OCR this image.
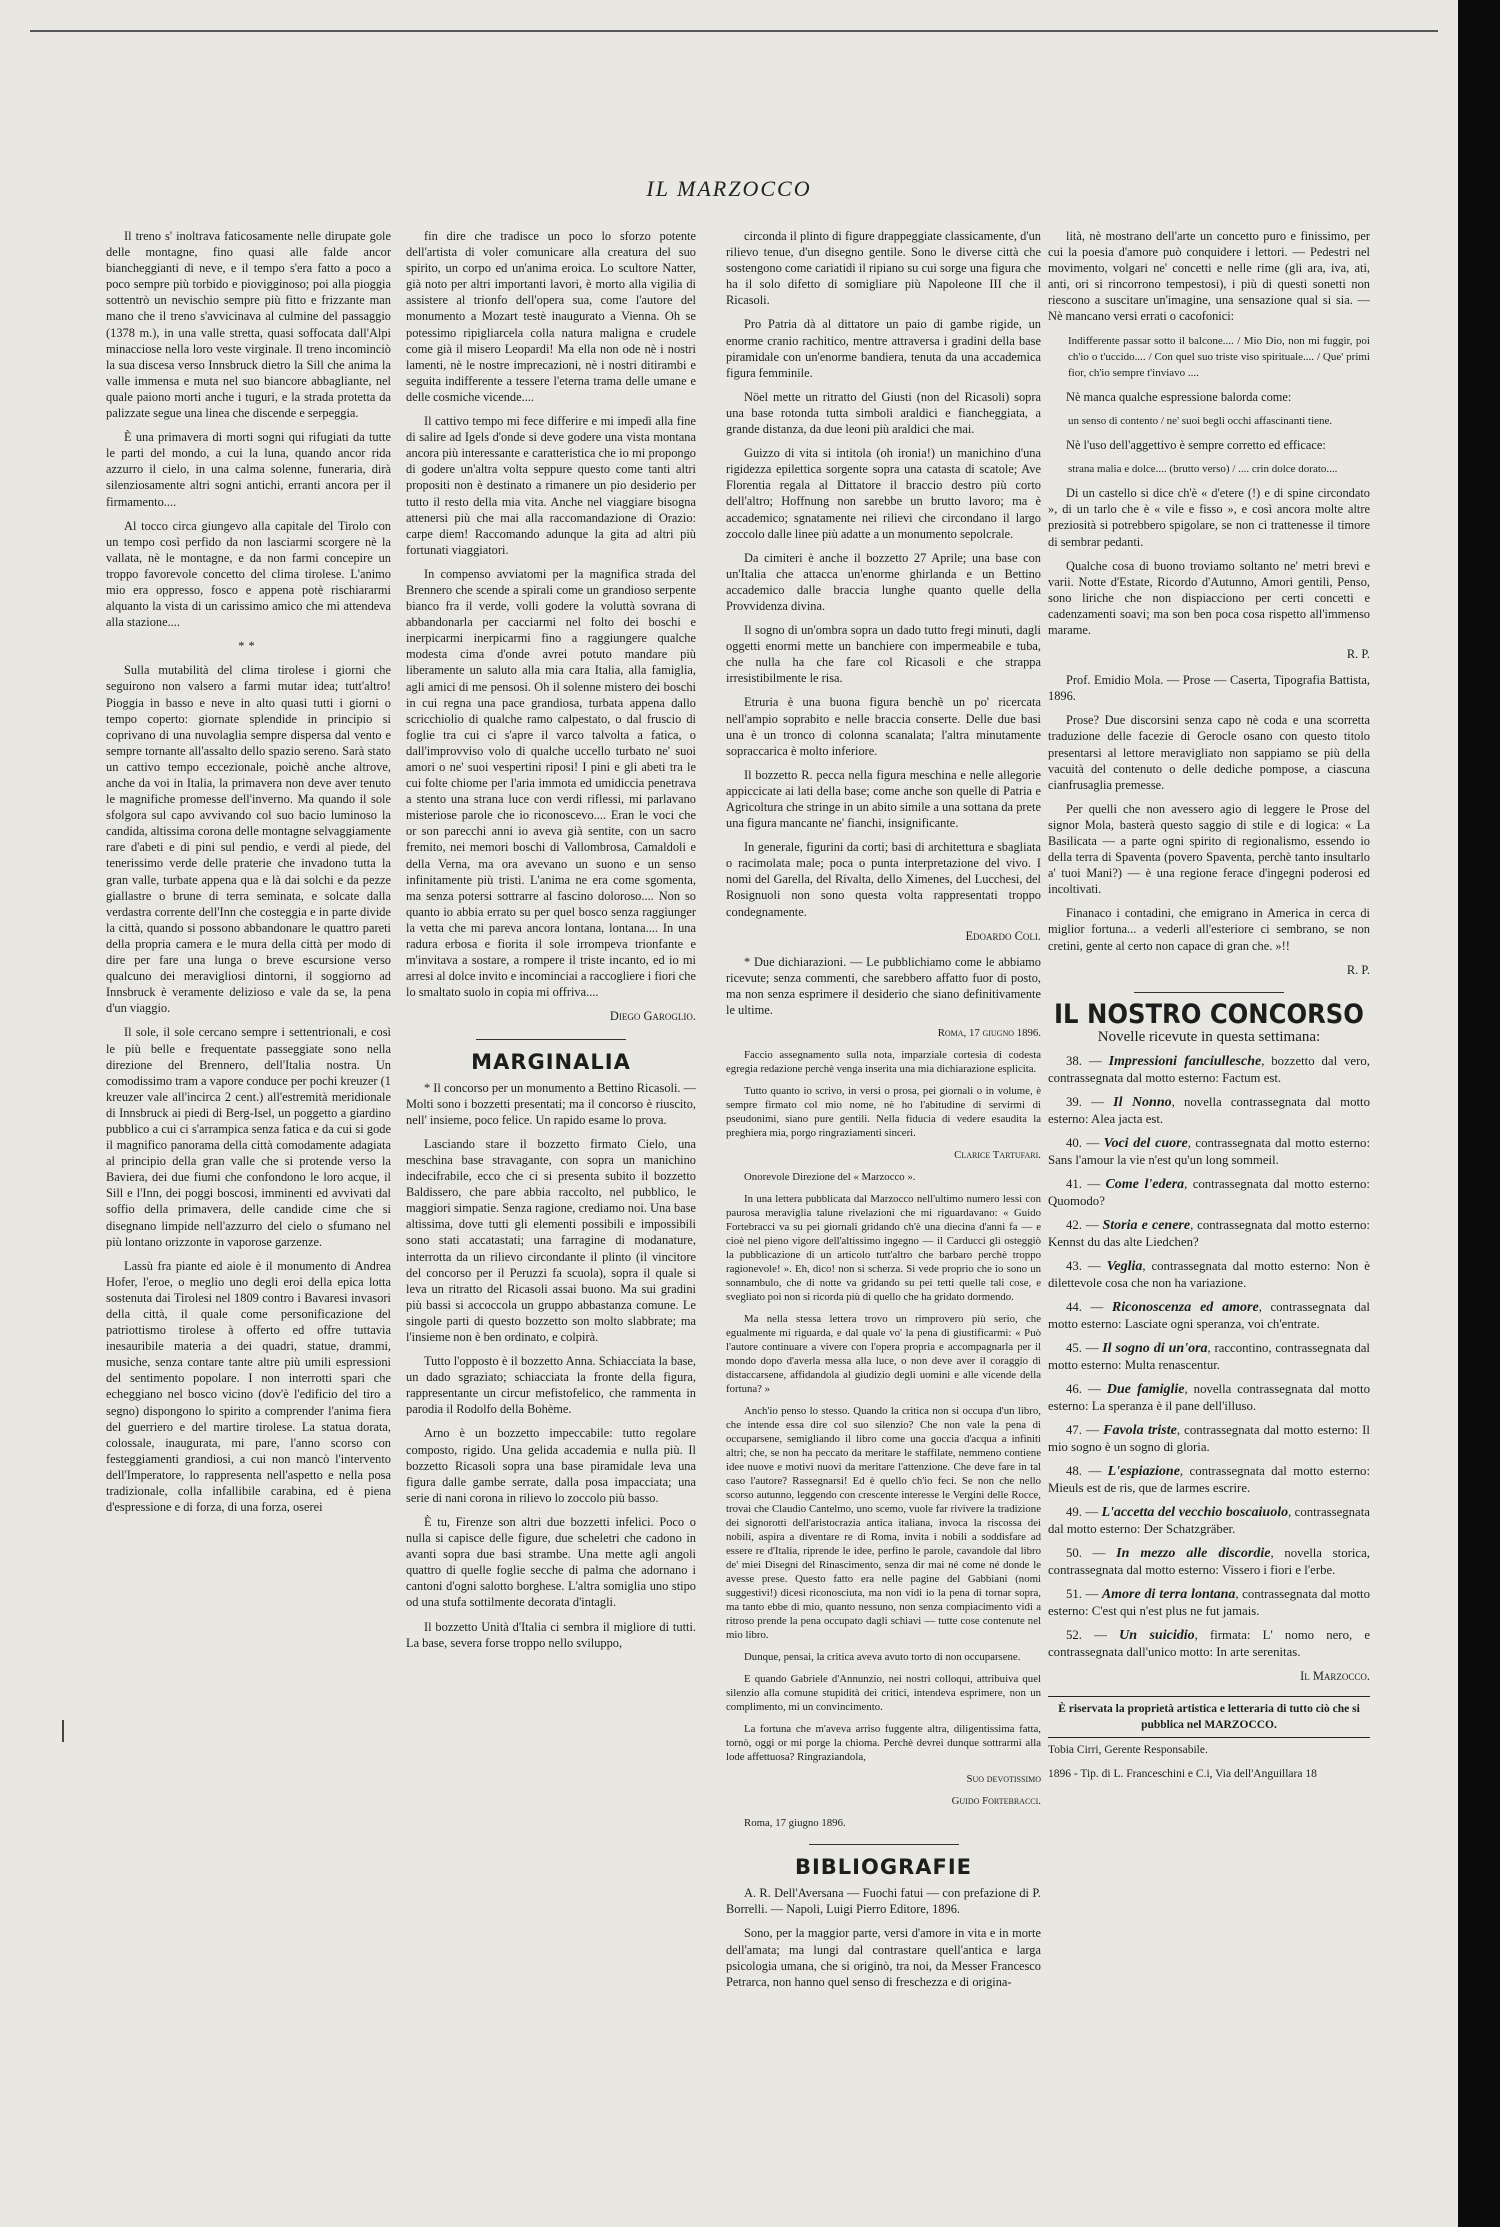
IL MARZOCCO

Il treno s' inoltrava faticosamente nelle dirupate gole delle montagne, fino quasi alle falde ancor biancheggianti di neve, e il tempo s'era fatto a poco a poco sempre più torbido e piovigginoso; poi alla pioggia sottentrò un nevischio sempre più fitto e frizzante man mano che il treno s'avvicinava al culmine del passaggio (1378 m.), in una valle stretta, quasi soffocata dall'Alpi minacciose nella loro veste virginale. Il treno incominciò la sua discesa verso Innsbruck dietro la Sill che anima la valle immensa e muta nel suo biancore abbagliante, nel quale paiono morti anche i tuguri, e la strada protetta da palizzate segue una linea che discende e serpeggia.

È una primavera di morti sogni qui rifugiati da tutte le parti del mondo, a cui la luna, quando ancor rida azzurro il cielo, in una calma solenne, funeraria, dirà silenziosamente altri sogni antichi, erranti ancora per il firmamento....

Al tocco circa giungevo alla capitale del Tirolo con un tempo così perfido da non lasciarmi scorgere nè la vallata, nè le montagne, e da non farmi concepire un troppo favorevole concetto del clima tirolese. L'animo mio era oppresso, fosco e appena potè rischiararmi alquanto la vista di un carissimo amico che mi attendeva alla stazione....

**

Sulla mutabilità del clima tirolese i giorni che seguirono non valsero a farmi mutar idea; tutt'altro! Pioggia in basso e neve in alto quasi tutti i giorni o tempo coperto: giornate splendide in principio si coprivano di una nuvolaglia sempre dispersa dal vento e sempre tornante all'assalto dello spazio sereno. Sarà stato un cattivo tempo eccezionale, poichè anche altrove, anche da voi in Italia, la primavera non deve aver tenuto le magnifiche promesse dell'inverno. Ma quando il sole sfolgora sul capo avvivando col suo bacio luminoso la candida, altissima corona delle montagne selvaggiamente rare d'abeti e di pini sul pendio, e verdi al piede, del tenerissimo verde delle praterie che invadono tutta la gran valle, turbate appena qua e là dai solchi e da pezze giallastre o brune di terra seminata, e solcate dalla verdastra corrente dell'Inn che costeggia e in parte divide la città, quando si possono abbandonare le quattro pareti della propria camera e le mura della città per modo di dire per fare una lunga o breve escursione verso qualcuno dei meravigliosi dintorni, il soggiorno ad Innsbruck è veramente delizioso e vale da se, la pena d'un viaggio.

Il sole, il sole cercano sempre i settentrionali, e così le più belle e frequentate passeggiate sono nella direzione del Brennero, dell'Italia nostra. Un comodissimo tram a vapore conduce per pochi kreuzer (1 kreuzer vale all'incirca 2 cent.) all'estremità meridionale di Innsbruck ai piedi di Berg-Isel, un poggetto a giardino pubblico a cui ci s'arrampica senza fatica e da cui si gode il magnifico panorama della città comodamente adagiata al principio della gran valle che si protende verso la Baviera, dei due fiumi che confondono le loro acque, il Sill e l'Inn, dei poggi boscosi, imminenti ed avvivati dal soffio della primavera, delle candide cime che si disegnano limpide nell'azzurro del cielo o sfumano nel più lontano orizzonte in vaporose garzenze.

Lassù fra piante ed aiole è il monumento di Andrea Hofer, l'eroe, o meglio uno degli eroi della epica lotta sostenuta dai Tirolesi nel 1809 contro i Bavaresi invasori della città, il quale come personificazione del patriottismo tirolese à offerto ed offre tuttavia inesauribile materia a dei quadri, statue, drammi, musiche, senza contare tante altre più umili espressioni del sentimento popolare. I non interrotti spari che echeggiano nel bosco vicino (dov'è l'edificio del tiro a segno) dispongono lo spirito a comprender l'anima fiera del guerriero e del martire tirolese. La statua dorata, colossale, inaugurata, mi pare, l'anno scorso con festeggiamenti grandiosi, a cui non mancò l'intervento dell'Imperatore, lo rappresenta nell'aspetto e nella posa tradizionale, colla infallibile carabina, ed è piena d'espressione e di forza, di una forza, oserei

fin dire che tradisce un poco lo sforzo potente dell'artista di voler comunicare alla creatura del suo spirito, un corpo ed un'anima eroica. Lo scultore Natter, già noto per altri importanti lavori, è morto alla vigilia di assistere al trionfo dell'opera sua, come l'autore del monumento a Mozart testè inaugurato a Vienna. Oh se potessimo ripigliarcela colla natura maligna e crudele come già il misero Leopardi! Ma ella non ode nè i nostri lamenti, nè le nostre imprecazioni, nè i nostri ditirambi e seguita indifferente a tessere l'eterna trama delle umane e delle cosmiche vicende....

Il cattivo tempo mi fece differire e mi impedì alla fine di salire ad Igels d'onde si deve godere una vista montana ancora più interessante e caratteristica che io mi propongo di godere un'altra volta seppure questo come tanti altri propositi non è destinato a rimanere un pio desiderio per tutto il resto della mia vita. Anche nel viaggiare bisogna attenersi più che mai alla raccomandazione di Orazio: carpe diem! Raccomando adunque la gita ad altri più fortunati viaggiatori.

In compenso avviatomi per la magnifica strada del Brennero che scende a spirali come un grandioso serpente bianco fra il verde, volli godere la voluttà sovrana di abbandonarla per cacciarmi nel folto dei boschi e inerpicarmi inerpicarmi fino a raggiungere qualche modesta cima d'onde avrei potuto mandare più liberamente un saluto alla mia cara Italia, alla famiglia, agli amici di me pensosi. Oh il solenne mistero dei boschi in cui regna una pace grandiosa, turbata appena dallo scricchiolio di qualche ramo calpestato, o dal fruscio di foglie tra cui ci s'apre il varco talvolta a fatica, o dall'improvviso volo di qualche uccello turbato ne' suoi amori o ne' suoi vespertini riposi! I pini e gli abeti tra le cui folte chiome per l'aria immota ed umidiccia penetrava a stento una strana luce con verdi riflessi, mi parlavano misteriose parole che io riconoscevo.... Eran le voci che or son parecchi anni io aveva già sentite, con un sacro fremito, nei memori boschi di Vallombrosa, Camaldoli e della Verna, ma ora avevano un suono e un senso infinitamente più tristi. L'anima ne era come sgomenta, ma senza potersi sottrarre al fascino doloroso.... Non so quanto io abbia errato su per quel bosco senza raggiunger la vetta che mi pareva ancora lontana, lontana.... In una radura erbosa e fiorita il sole irrompeva trionfante e m'invitava a sostare, a rompere il triste incanto, ed io mi arresi al dolce invito e incominciai a raccogliere i fiori che lo smaltato suolo in copia mi offriva....

Diego Garoglio.
MARGINALIA

* Il concorso per un monumento a Bettino Ricasoli. — Molti sono i bozzetti presentati; ma il concorso è riuscito, nell' insieme, poco felice. Un rapido esame lo prova.

Lasciando stare il bozzetto firmato Cielo, una meschina base stravagante, con sopra un manichino indecifrabile, ecco che ci si presenta subito il bozzetto Baldissero, che pare abbia raccolto, nel pubblico, le maggiori simpatie. Senza ragione, crediamo noi. Una base altissima, dove tutti gli elementi possibili e impossibili sono stati accatastati; una farragine di modanature, interrotta da un rilievo circondante il plinto (il vincitore del concorso per il Peruzzi fa scuola), sopra il quale si leva un ritratto del Ricasoli assai buono. Ma sui gradini più bassi si accoccola un gruppo abbastanza comune. Le singole parti di questo bozzetto son molto slabbrate; ma l'insieme non è ben ordinato, e colpirà.

Tutto l'opposto è il bozzetto Anna. Schiacciata la base, un dado sgraziato; schiacciata la fronte della figura, rappresentante un circur mefistofelico, che rammenta in parodia il Rodolfo della Bohème.

Arno è un bozzetto impeccabile: tutto regolare composto, rigido. Una gelida accademia e nulla più. Il bozzetto Ricasoli sopra una base piramidale leva una figura dalle gambe serrate, dalla posa impacciata; una serie di nani corona in rilievo lo zoccolo più basso.

È tu, Firenze son altri due bozzetti infelici. Poco o nulla si capisce delle figure, due scheletri che cadono in avanti sopra due basi strambe. Una mette agli angoli quattro di quelle foglie secche di palma che adornano i cantoni d'ogni salotto borghese. L'altra somiglia uno stipo od una stufa sottilmente decorata d'intagli.

Il bozzetto Unità d'Italia ci sembra il migliore di tutti. La base, severa forse troppo nello sviluppo,

circonda il plinto di figure drappeggiate classicamente, d'un rilievo tenue, d'un disegno gentile. Sono le diverse città che sostengono come cariatidi il ripiano su cui sorge una figura che ha il solo difetto di somigliare più Napoleone III che il Ricasoli.

Pro Patria dà al dittatore un paio di gambe rigide, un enorme cranio rachitico, mentre attraversa i gradini della base piramidale con un'enorme bandiera, tenuta da una accademica figura femminile.

Nöel mette un ritratto del Giusti (non del Ricasoli) sopra una base rotonda tutta simboli araldici e fiancheggiata, a grande distanza, da due leoni più araldici che mai.

Guizzo di vita si intitola (oh ironia!) un manichino d'una rigidezza epilettica sorgente sopra una catasta di scatole; Ave Florentia regala al Dittatore il braccio destro più corto dell'altro; Hoffnung non sarebbe un brutto lavoro; ma è accademico; sgnatamente nei rilievi che circondano il largo zoccolo dalle linee più adatte a un monumento sepolcrale.

Da cimiteri è anche il bozzetto 27 Aprile; una base con un'Italia che attacca un'enorme ghirlanda e un Bettino accademico dalle braccia lunghe quanto quelle della Provvidenza divina.

Il sogno di un'ombra sopra un dado tutto fregi minuti, dagli oggetti enormi mette un banchiere con impermeabile e tuba, che nulla ha che fare col Ricasoli e che strappa irresistibilmente le risa.

Etruria è una buona figura benchè un po' ricercata nell'ampio soprabito e nelle braccia conserte. Delle due basi una è un tronco di colonna scanalata; l'altra minutamente sopraccarica è molto inferiore.

Il bozzetto R. pecca nella figura meschina e nelle allegorie appiccicate ai lati della base; come anche son quelle di Patria e Agricoltura che stringe in un abito simile a una sottana da prete una figura mancante ne' fianchi, insignificante.

In generale, figurini da corti; basi di architettura e sbagliata o racimolata male; poca o punta interpretazione del vivo. I nomi del Garella, del Rivalta, dello Ximenes, del Lucchesi, del Rosignuoli non sono questa volta rappresentati troppo condegnamente.

Edoardo Coli.

* Due dichiarazioni. — Le pubblichiamo come le abbiamo ricevute; senza commenti, che sarebbero affatto fuor di posto, ma non senza esprimere il desiderio che siano definitivamente le ultime.

Roma, 17 giugno 1896.

Faccio assegnamento sulla nota, imparziale cortesia di codesta egregia redazione perchè venga inserita una mia dichiarazione esplicita.

Tutto quanto io scrivo, in versi o prosa, pei giornali o in volume, è sempre firmato col mio nome, nè ho l'abitudine di servirmi di pseudonimi, siano pure gentili. Nella fiducia di vedere esaudita la preghiera mia, porgo ringraziamenti sinceri.

Clarice Tartufari.

Onorevole Direzione del « Marzocco ».

In una lettera pubblicata dal Marzocco nell'ultimo numero lessi con paurosa meraviglia talune rivelazioni che mi riguardavano: « Guido Fortebracci va su pei giornali gridando ch'è una diecina d'anni fa — e cioè nel pieno vigore dell'altissimo ingegno — il Carducci gli osteggiò la pubblicazione di un articolo tutt'altro che barbaro perchè troppo ragionevole! ». Eh, dico! non si scherza. Si vede proprio che io sono un sonnambulo, che di notte va gridando su pei tetti quelle tali cose, e svegliato poi non si ricorda più di quello che ha gridato dormendo.

Ma nella stessa lettera trovo un rimprovero più serio, che egualmente mi riguarda, e dal quale vo' la pena di giustificarmi: « Può l'autore continuare a vivere con l'opera propria e accompagnarla per il mondo dopo d'averla messa alla luce, o non deve aver il coraggio di distaccarsene, affidandola al giudizio degli uomini e alle vicende della fortuna? »

Anch'io penso lo stesso. Quando la critica non si occupa d'un libro, che intende essa dire col suo silenzio? Che non vale la pena di occuparsene, semigliando il libro come una goccia d'acqua a infiniti altri; che, se non ha peccato da meritare le staffilate, nemmeno contiene idee nuove e motivi nuovi da meritare l'attenzione. Che deve fare in tal caso l'autore? Rassegnarsi! Ed è quello ch'io feci. Se non che nello scorso autunno, leggendo con crescente interesse le Vergini delle Rocce, trovai che Claudio Cantelmo, uno scemo, vuole far rivivere la tradizione dei signorotti dell'aristocrazia antica italiana, invoca la riscossa dei nobili, aspira a diventare re di Roma, invita i nobili a soddisfare ad essere re d'Italia, riprende le idee, perfino le parole, cavandole dal libro de' miei Disegni del Rinascimento, senza dir mai né come né donde le avesse prese. Questo fatto era nelle pagine del Gabbiani (nomi suggestivi!) dicesi riconosciuta, ma non vidi io la pena di tornar sopra, ma tanto ebbe di mio, quanto nessuno, non senza compiacimento vidi a ritroso prende la pena occupato dagli schiavi — tutte cose contenute nel mio libro.

Dunque, pensai, la critica aveva avuto torto di non occuparsene.

E quando Gabriele d'Annunzio, nei nostri colloqui, attribuiva quel silenzio alla comune stupidità dei critici, intendeva esprimere, non un complimento, mi un convincimento.

La fortuna che m'aveva arriso fuggente altra, diligentissima fatta, tornò, oggi or mi porge la chioma. Perchè devrei dunque sottrarmi alla lode affettuosa? Ringraziandola,

Suo devotissimo

Guido Fortebracci.

Roma, 17 giugno 1896.

BIBLIOGRAFIE

A. R. Dell'Aversana — Fuochi fatui — con prefazione di P. Borrelli. — Napoli, Luigi Pierro Editore, 1896.

Sono, per la maggior parte, versi d'amore in vita e in morte dell'amata; ma lungi dal contrastare quell'antica e larga psicologia umana, che si originò, tra noi, da Messer Francesco Petrarca, non hanno quel senso di freschezza e di origina-

lità, nè mostrano dell'arte un concetto puro e finissimo, per cui la poesia d'amore può conquidere i lettori. — Pedestri nel movimento, volgari ne' concetti e nelle rime (gli ara, iva, ati, anti, ori si rincorrono tempestosi), i più di questi sonetti non riescono a suscitare un'imagine, una sensazione qual si sia. — Nè mancano versi errati o cacofonici:

Indifferente passar sotto il balcone.... / Mio Dio, non mi fuggir, poi ch'io o t'uccido.... / Con quel suo triste viso spirituale.... / Que' primi fior, ch'io sempre t'inviavo ....

Nè manca qualche espressione balorda come:

un senso di contento / ne' suoi begli occhi affascinanti tiene.

Nè l'uso dell'aggettivo è sempre corretto ed efficace:

strana malia e dolce.... (brutto verso) / .... crin dolce dorato....

Di un castello si dice ch'è « d'etere (!) e di spine circondato », di un tarlo che è « vile e fisso », e così ancora molte altre preziosità si potrebbero spigolare, se non ci trattenesse il timore di sembrar pedanti.

Qualche cosa di buono troviamo soltanto ne' metri brevi e varii. Notte d'Estate, Ricordo d'Autunno, Amori gentili, Penso, sono liriche che non dispiacciono per certi concetti e cadenzamenti soavi; ma son ben poca cosa rispetto all'immenso marame.

R. P.

Prof. Emidio Mola. — Prose — Caserta, Tipografia Battista, 1896.

Prose? Due discorsini senza capo nè coda e una scorretta traduzione delle facezie di Gerocle osano con questo titolo presentarsi al lettore meravigliato non sappiamo se più della vacuità del contenuto o delle dediche pompose, a ciascuna cianfrusaglia premesse.

Per quelli che non avessero agio di leggere le Prose del signor Mola, basterà questo saggio di stile e di logica: « La Basilicata — a parte ogni spirito di regionalismo, essendo io della terra di Spaventa (povero Spaventa, perchè tanto insultarlo a' tuoi Mani?) — è una regione ferace d'ingegni poderosi ed incoltivati.

Finanaco i contadini, che emigrano in America in cerca di miglior fortuna... a vederli all'esteriore ci sembrano, se non cretini, gente al certo non capace di gran che. »!!

R. P.
IL NOSTRO CONCORSO
Novelle ricevute in questa settimana:

38. — Impressioni fanciullesche, bozzetto dal vero, contrassegnata dal motto esterno: Factum est.

39. — Il Nonno, novella contrassegnata dal motto esterno: Alea jacta est.

40. — Voci del cuore, contrassegnata dal motto esterno: Sans l'amour la vie n'est qu'un long sommeil.

41. — Come l'edera, contrassegnata dal motto esterno: Quomodo?

42. — Storia e cenere, contrassegnata dal motto esterno: Kennst du das alte Liedchen?

43. — Veglia, contrassegnata dal motto esterno: Non è dilettevole cosa che non ha variazione.

44. — Riconoscenza ed amore, contrassegnata dal motto esterno: Lasciate ogni speranza, voi ch'entrate.

45. — Il sogno di un'ora, raccontino, contrassegnata dal motto esterno: Multa renascentur.

46. — Due famiglie, novella contrassegnata dal motto esterno: La speranza è il pane dell'illuso.

47. — Favola triste, contrassegnata dal motto esterno: Il mio sogno è un sogno di gloria.

48. — L'espiazione, contrassegnata dal motto esterno: Mieuls est de ris, que de larmes escrire.

49. — L'accetta del vecchio boscaiuolo, contrassegnata dal motto esterno: Der Schatzgräber.

50. — In mezzo alle discordie, novella storica, contrassegnata dal motto esterno: Vissero i fiori e l'erbe.

51. — Amore di terra lontana, contrassegnata dal motto esterno: C'est qui n'est plus ne fut jamais.

52. — Un suicidio, firmata: L' nomo nero, e contrassegnata dall'unico motto: In arte serenitas.

Il Marzocco.
È riservata la proprietà artistica e letteraria di tutto ciò che si pubblica nel MARZOCCO.

Tobia Cirri, Gerente Responsabile.

1896 - Tip. di L. Franceschini e C.i, Via dell'Anguillara 18
